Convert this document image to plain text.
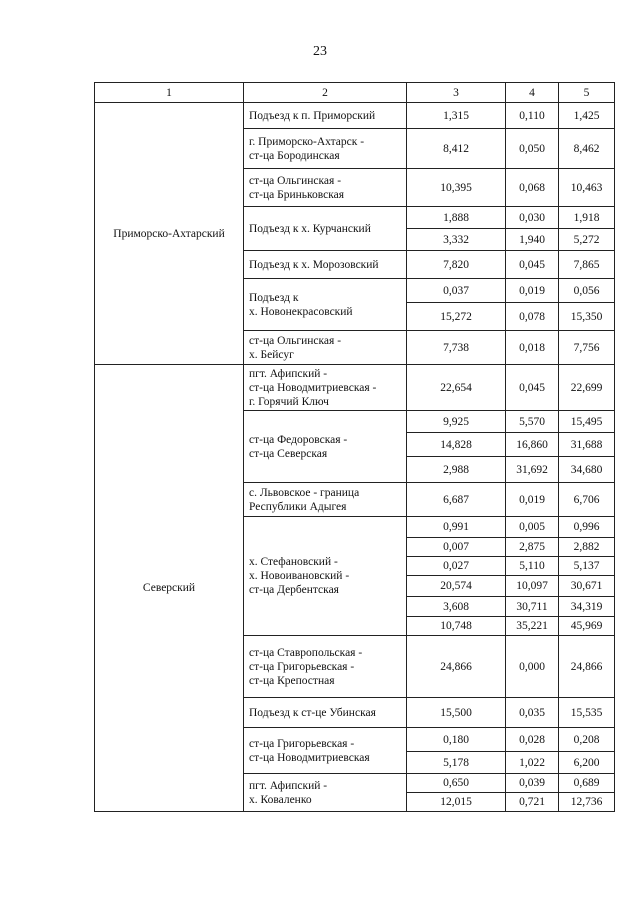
23
1	2	3	4	5
Приморско-Ахтарский	Подъезд к п. Приморский	1,315	0,110	1,425
	г. Приморско-Ахтарск -
ст-ца Бородинская	8,412	0,050	8,462
	ст-ца Ольгинская -
ст-ца Бриньковская	10,395	0,068	10,463
	Подъезд к х. Курчанский	1,888	0,030	1,918
		3,332	1,940	5,272
	Подъезд к х. Морозовский	7,820	0,045	7,865
	Подъезд к
х. Новонекрасовский	0,037	0,019	0,056
		15,272	0,078	15,350
	ст-ца Ольгинская -
х. Бейсуг	7,738	0,018	7,756
Северский	пгт. Афипский -
ст-ца Новодмитриевская -
г. Горячий Ключ	22,654	0,045	22,699
	ст-ца Федоровская -
ст-ца Северская	9,925	5,570	15,495
		14,828	16,860	31,688
		2,988	31,692	34,680
	с. Львовское - граница
Республики Адыгея	6,687	0,019	6,706
	х. Стефановский -
х. Новоивановский -
ст-ца Дербентская	0,991	0,005	0,996
		0,007	2,875	2,882
		0,027	5,110	5,137
		20,574	10,097	30,671
		3,608	30,711	34,319
		10,748	35,221	45,969
	ст-ца Ставропольская -
ст-ца Григорьевская -
ст-ца Крепостная	24,866	0,000	24,866
	Подъезд к ст-це Убинская	15,500	0,035	15,535
	ст-ца Григорьевская -
ст-ца Новодмитриевская	0,180	0,028	0,208
		5,178	1,022	6,200
	пгт. Афипский -
х. Коваленко	0,650	0,039	0,689
		12,015	0,721	12,736
